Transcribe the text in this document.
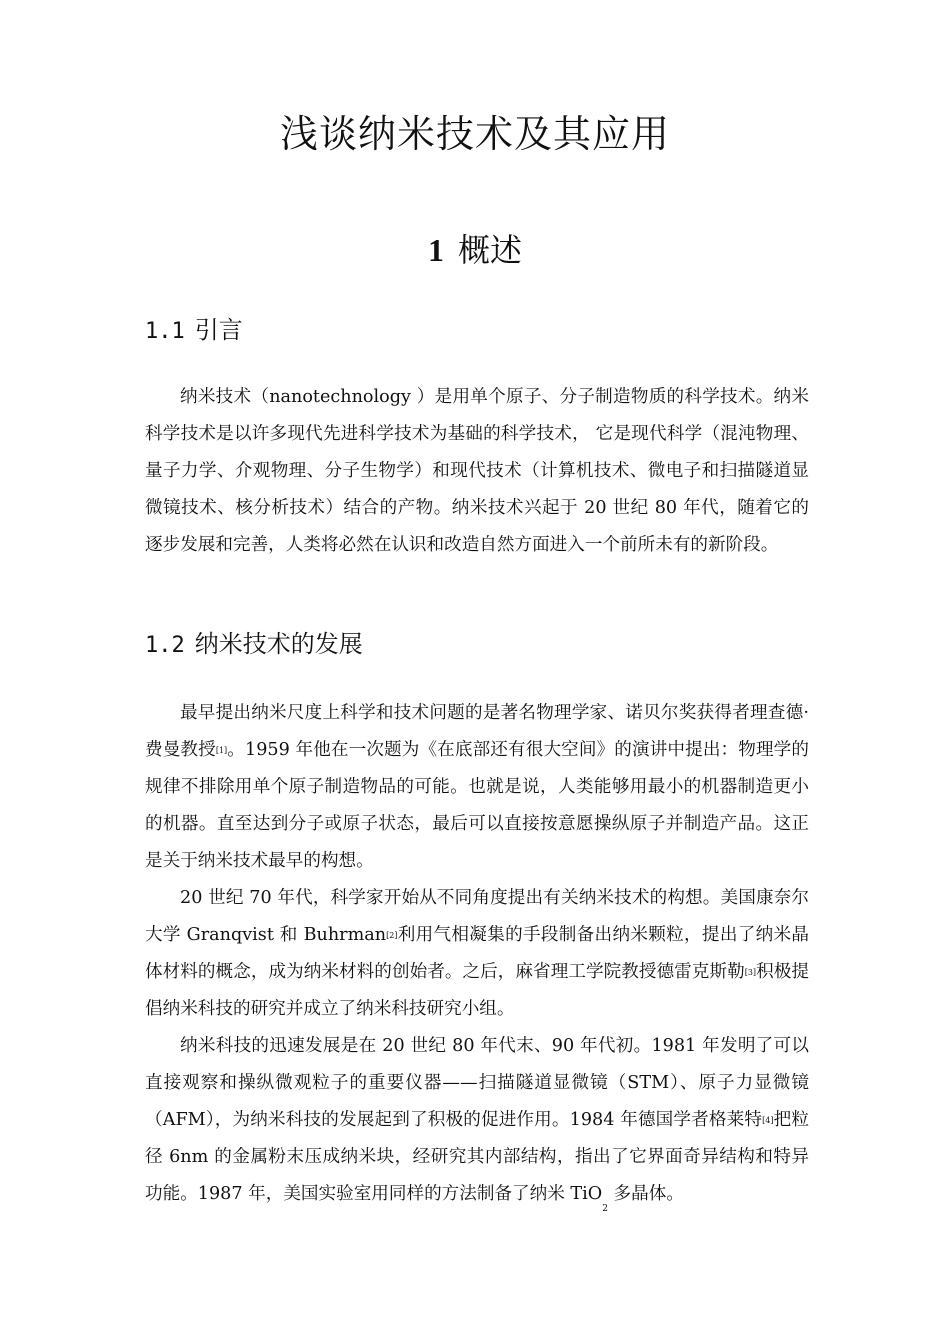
浅谈纳米技术及其应用
1 概述
1.1 引言

纳米技术（nanotechnology ）是用单个原子、分子制造物质的科学技术。纳米科学技术是以许多现代先进科学技术为基础的科学技术， 它是现代科学（混沌物理、量子力学、介观物理、分子生物学）和现代技术（计算机技术、微电子和扫描隧道显微镜技术、核分析技术）结合的产物。纳米技术兴起于 20 世纪 80 年代，随着它的逐步发展和完善，人类将必然在认识和改造自然方面进入一个前所未有的新阶段。

1.2 纳米技术的发展

最早提出纳米尺度上科学和技术问题的是著名物理学家、诺贝尔奖获得者理查德·费曼教授[1]。1959 年他在一次题为《在底部还有很大空间》的演讲中提出：物理学的规律不排除用单个原子制造物品的可能。也就是说，人类能够用最小的机器制造更小的机器。直至达到分子或原子状态，最后可以直接按意愿操纵原子并制造产品。这正是关于纳米技术最早的构想。

20 世纪 70 年代，科学家开始从不同角度提出有关纳米技术的构想。美国康奈尔大学 Granqvist 和 Buhrman[2]利用气相凝集的手段制备出纳米颗粒，提出了纳米晶体材料的概念，成为纳米材料的创始者。之后，麻省理工学院教授德雷克斯勒[3]积极提倡纳米科技的研究并成立了纳米科技研究小组。

纳米科技的迅速发展是在 20 世纪 80 年代末、90 年代初。1981 年发明了可以直接观察和操纵微观粒子的重要仪器——扫描隧道显微镜（STM）、原子力显微镜（AFM），为纳米科技的发展起到了积极的促进作用。1984 年德国学者格莱特[4]把粒径 6nm 的金属粉末压成纳米块，经研究其内部结构，指出了它界面奇异结构和特异功能。1987 年，美国实验室用同样的方法制备了纳米 TiO$_2$ 多晶体。
